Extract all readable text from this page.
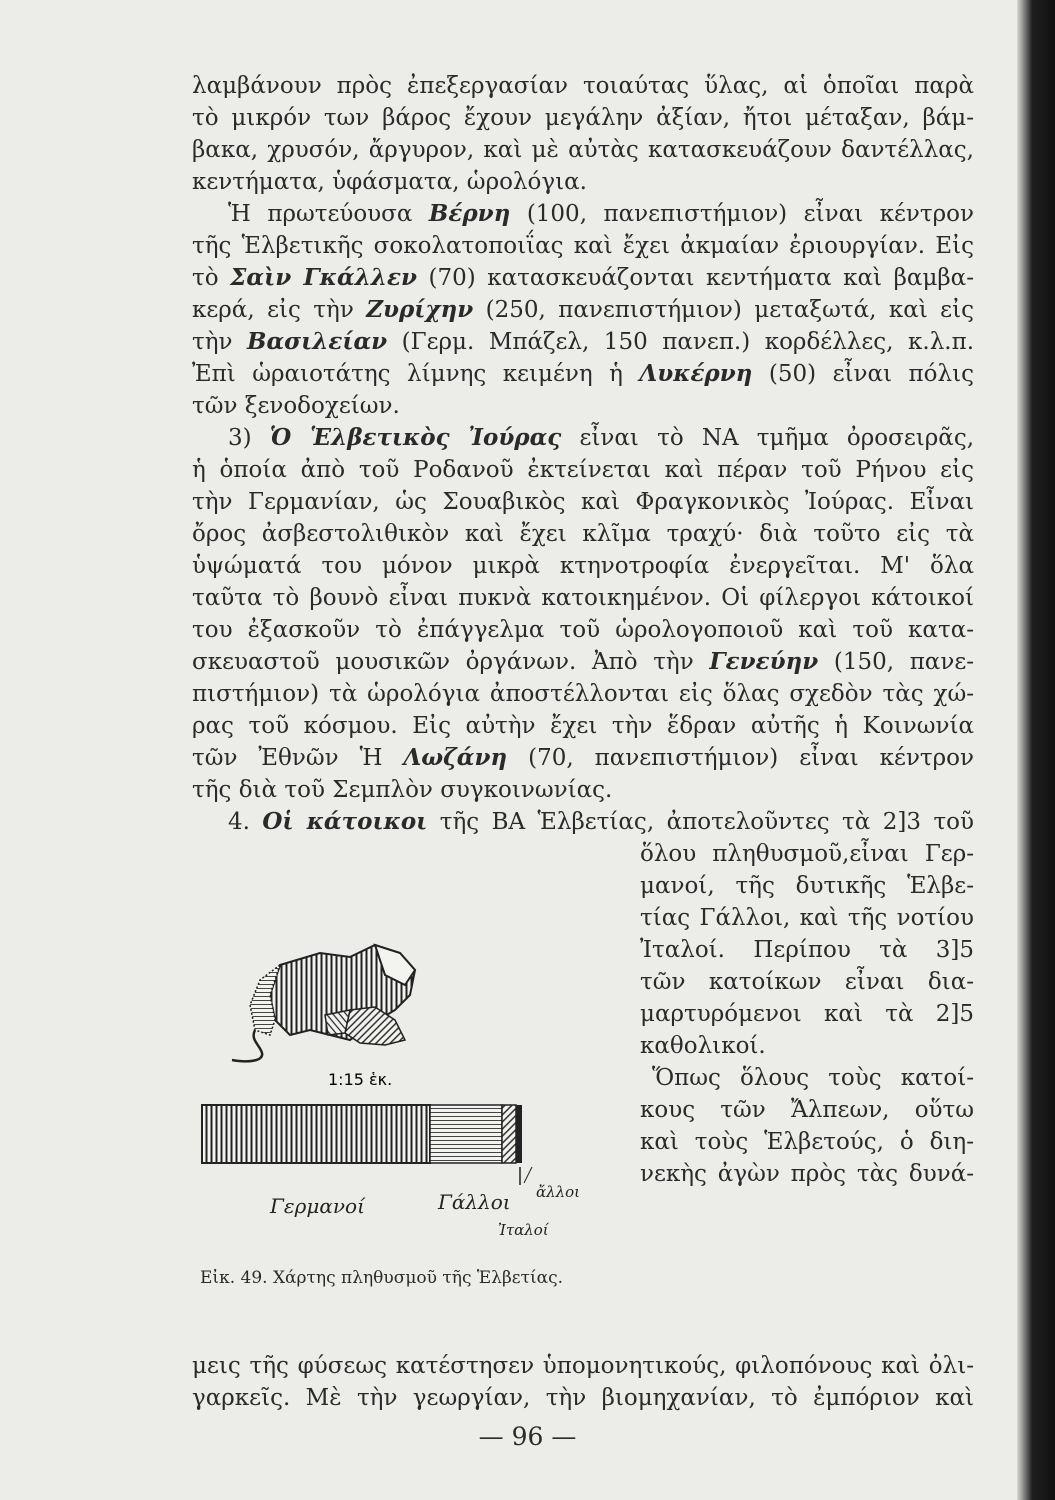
λαμβάνουν πρὸς ἐπεξεργασίαν τοιαύτας ὕλας, αἱ ὁποῖαι παρὰ
τὸ μικρόν των βάρος ἔχουν μεγάλην ἀξίαν, ἤτοι μέταξαν, βάμ-
βακα, χρυσόν, ἄργυρον, καὶ μὲ αὐτὰς κατασκευάζουν δαντέλλας,
κεντήματα, ὑφάσματα, ὡρολόγια.
Ἡ πρωτεύουσα Βέρνη (100, πανεπιστήμιον) εἶναι κέντρον
τῆς Ἑλβετικῆς σοκολατοποιΐας καὶ ἔχει ἀκμαίαν ἐριουργίαν. Εἰς
τὸ Σαὶν Γκάλλεν (70) κατασκευάζονται κεντήματα καὶ βαμβα-
κερά, εἰς τὴν Ζυρίχην (250, πανεπιστήμιον) μεταξωτά, καὶ εἰς
τὴν Βασιλείαν (Γερμ. Μπάζελ, 150 πανεπ.) κορδέλλες, κ.λ.π.
Ἐπὶ ὡραιοτάτης λίμνης κειμένη ἡ Λυκέρνη (50) εἶναι πόλις
τῶν ξενοδοχείων.
3) Ὁ Ἑλβετικὸς Ἰούρας εἶναι τὸ ΝΑ τμῆμα ὀροσειρᾶς,
ἡ ὁποία ἀπὸ τοῦ Ροδανοῦ ἐκτείνεται καὶ πέραν τοῦ Ρήνου εἰς
τὴν Γερμανίαν, ὡς Σουαβικὸς καὶ Φραγκονικὸς Ἰούρας. Εἶναι
ὄρος ἀσβεστολιθικὸν καὶ ἔχει κλῖμα τραχύ· διὰ τοῦτο εἰς τὰ
ὑψώματά του μόνον μικρὰ κτηνοτροφία ἐνεργεῖται. Μ' ὅλα
ταῦτα τὸ βουνὸ εἶναι πυκνὰ κατοικημένον. Οἱ φίλεργοι κάτοικοί
του ἐξασκοῦν τὸ ἐπάγγελμα τοῦ ὡρολογοποιοῦ καὶ τοῦ κατα-
σκευαστοῦ μουσικῶν ὀργάνων. Ἀπὸ τὴν Γενεύην (150, πανε-
πιστήμιον) τὰ ὡρολόγια ἀποστέλλονται εἰς ὅλας σχεδὸν τὰς χώ-
ρας τοῦ κόσμου. Εἰς αὐτὴν ἔχει τὴν ἕδραν αὐτῆς ἡ Κοινωνία
τῶν Ἐθνῶν Ἡ Λωζάνη (70, πανεπιστήμιον) εἶναι κέντρον
τῆς διὰ τοῦ Σεμπλὸν συγκοινωνίας.
4. Οἱ κάτοικοι τῆς ΒΑ Ἑλβετίας, ἀποτελοῦντες τὰ 2]3 τοῦ
ὅλου πληθυσμοῦ,εἶναι Γερ-
μανοί, τῆς δυτικῆς Ἑλβε-
τίας Γάλλοι, καὶ τῆς νοτίου
Ἰταλοί. Περίπου τὰ 3]5
τῶν κατοίκων εἶναι δια-
μαρτυρόμενοι καὶ τὰ 2]5
καθολικοί.
Ὅπως ὅλους τοὺς κατοί-
κους τῶν Ἄλπεων, οὕτω
καὶ τοὺς Ἑλβετούς, ὁ διη-
νεκὴς ἀγὼν πρὸς τὰς δυνά-
μεις τῆς φύσεως κατέστησεν ὑπομονητικούς, φιλοπόνους καὶ ὀλι-
γαρκεῖς. Μὲ τὴν γεωργίαν, τὴν βιομηχανίαν, τὸ ἐμπόριον καὶ
1:15 ἑκ.
Γερμανοί	Γάλλοι
Ἰταλοί
ἄλλοι
Εἰκ. 49. Χάρτης πληθυσμοῦ τῆς Ἑλβετίας.
— 96 —
